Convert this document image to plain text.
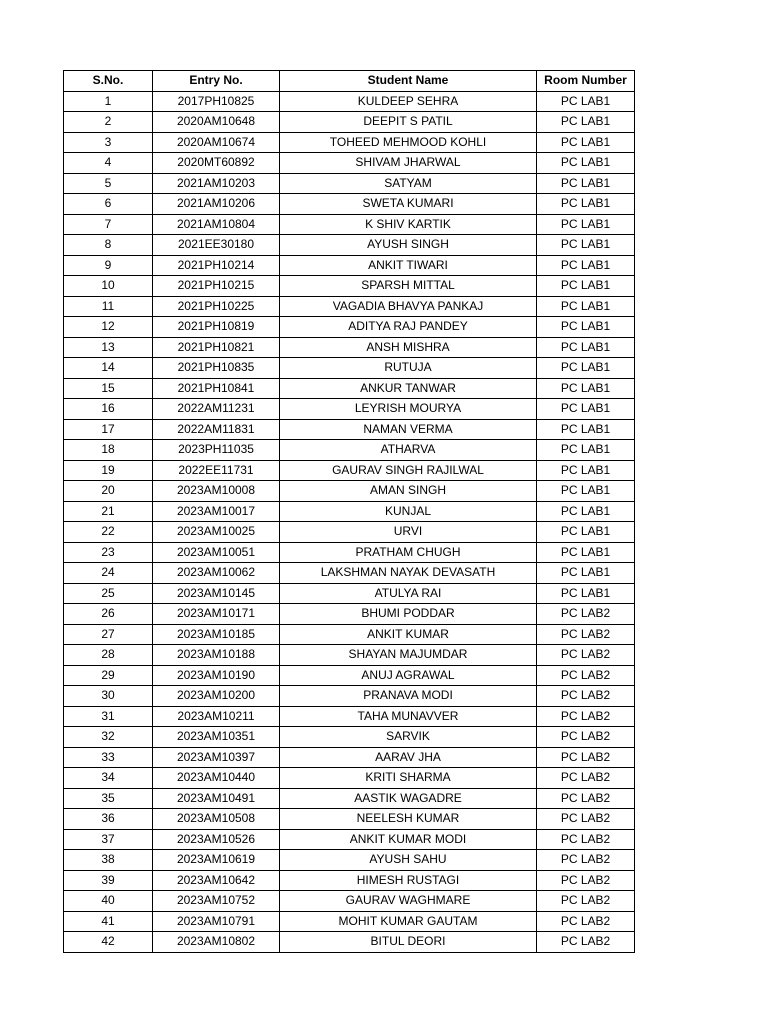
S.No.	Entry No.	Student Name	Room Number
1	2017PH10825	KULDEEP SEHRA	PC LAB1
2	2020AM10648	DEEPIT S PATIL	PC LAB1
3	2020AM10674	TOHEED MEHMOOD KOHLI	PC LAB1
4	2020MT60892	SHIVAM JHARWAL	PC LAB1
5	2021AM10203	SATYAM	PC LAB1
6	2021AM10206	SWETA KUMARI	PC LAB1
7	2021AM10804	K SHIV KARTIK	PC LAB1
8	2021EE30180	AYUSH SINGH	PC LAB1
9	2021PH10214	ANKIT TIWARI	PC LAB1
10	2021PH10215	SPARSH MITTAL	PC LAB1
11	2021PH10225	VAGADIA BHAVYA PANKAJ	PC LAB1
12	2021PH10819	ADITYA RAJ PANDEY	PC LAB1
13	2021PH10821	ANSH MISHRA	PC LAB1
14	2021PH10835	RUTUJA	PC LAB1
15	2021PH10841	ANKUR TANWAR	PC LAB1
16	2022AM11231	LEYRISH MOURYA	PC LAB1
17	2022AM11831	NAMAN VERMA	PC LAB1
18	2023PH11035	ATHARVA	PC LAB1
19	2022EE11731	GAURAV SINGH RAJILWAL	PC LAB1
20	2023AM10008	AMAN SINGH	PC LAB1
21	2023AM10017	KUNJAL	PC LAB1
22	2023AM10025	URVI	PC LAB1
23	2023AM10051	PRATHAM CHUGH	PC LAB1
24	2023AM10062	LAKSHMAN NAYAK DEVASATH	PC LAB1
25	2023AM10145	ATULYA RAI	PC LAB1
26	2023AM10171	BHUMI PODDAR	PC LAB2
27	2023AM10185	ANKIT KUMAR	PC LAB2
28	2023AM10188	SHAYAN MAJUMDAR	PC LAB2
29	2023AM10190	ANUJ AGRAWAL	PC LAB2
30	2023AM10200	PRANAVA MODI	PC LAB2
31	2023AM10211	TAHA MUNAVVER	PC LAB2
32	2023AM10351	SARVIK	PC LAB2
33	2023AM10397	AARAV JHA	PC LAB2
34	2023AM10440	KRITI SHARMA	PC LAB2
35	2023AM10491	AASTIK WAGADRE	PC LAB2
36	2023AM10508	NEELESH KUMAR	PC LAB2
37	2023AM10526	ANKIT KUMAR MODI	PC LAB2
38	2023AM10619	AYUSH SAHU	PC LAB2
39	2023AM10642	HIMESH RUSTAGI	PC LAB2
40	2023AM10752	GAURAV WAGHMARE	PC LAB2
41	2023AM10791	MOHIT KUMAR GAUTAM	PC LAB2
42	2023AM10802	BITUL DEORI	PC LAB2
